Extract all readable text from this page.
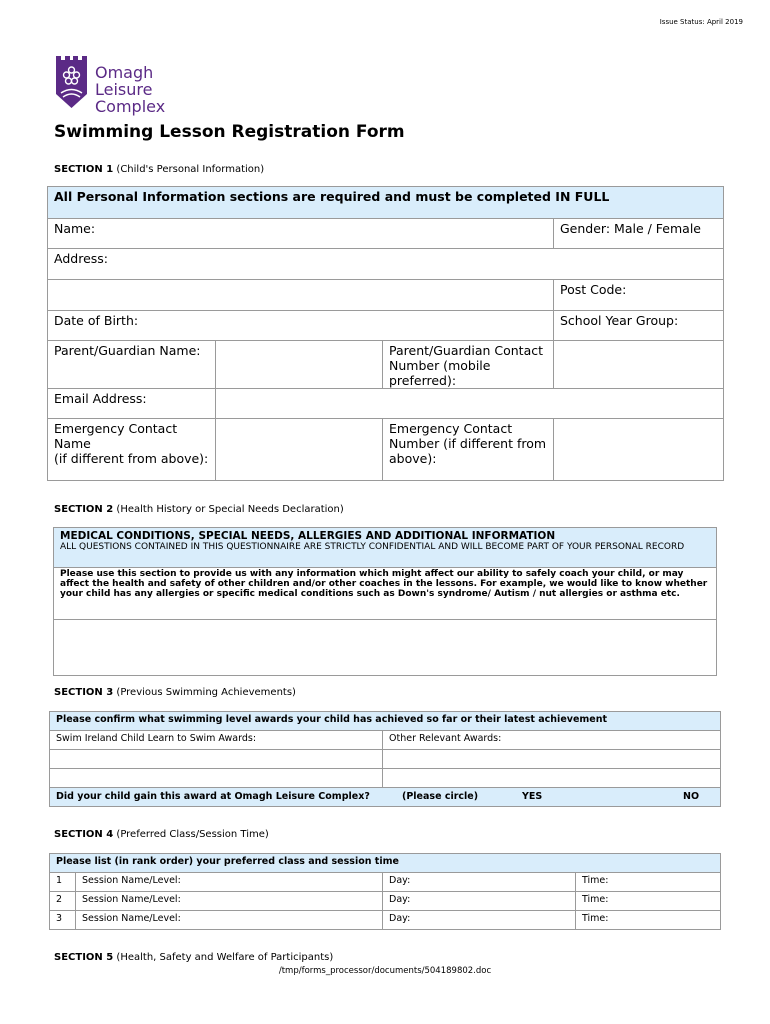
Issue Status: April 2019
Omagh
Leisure Complex
Swimming Lesson Registration Form
SECTION 1 (Child's Personal Information)
All Personal Information sections are required and must be completed IN FULL			
Name:			Gender: Male / Female
Address:			
			Post Code:
Date of Birth:			School Year Group:
Parent/Guardian Name:		Parent/Guardian Contact Number (mobile preferred):	
Email Address:			
Emergency Contact Name
(if different from above):		Emergency Contact Number (if different from above):	
SECTION 2 (Health History or Special Needs Declaration)
MEDICAL CONDITIONS, SPECIAL NEEDS, ALLERGIES AND ADDITIONAL INFORMATION
ALL QUESTIONS CONTAINED IN THIS QUESTIONNAIRE ARE STRICTLY CONFIDENTIAL AND WILL BECOME PART OF YOUR PERSONAL RECORD

Please use this section to provide us with any information which might affect our ability to safely coach your child, or may affect the health and safety of other children and/or other coaches in the lessons. For example, we would like to know whether your child has any allergies or specific medical conditions such as Down's syndrome/ Autism / nut allergies or asthma etc.

SECTION 3 (Previous Swimming Achievements)
Please confirm what swimming level awards your child has achieved so far or their latest achievement	
Swim Ireland Child Learn to Swim Awards:	Other Relevant Awards:

Did your child gain this award at Omagh Leisure Complex? (Please circle) YES NO	
SECTION 4 (Preferred Class/Session Time)
Please list (in rank order) your preferred class and session time			
1	Session Name/Level:	Day:	Time:
2	Session Name/Level:	Day:	Time:
3	Session Name/Level:	Day:	Time:
SECTION 5 (Health, Safety and Welfare of Participants)
/tmp/forms_processor/documents/504189802.doc
